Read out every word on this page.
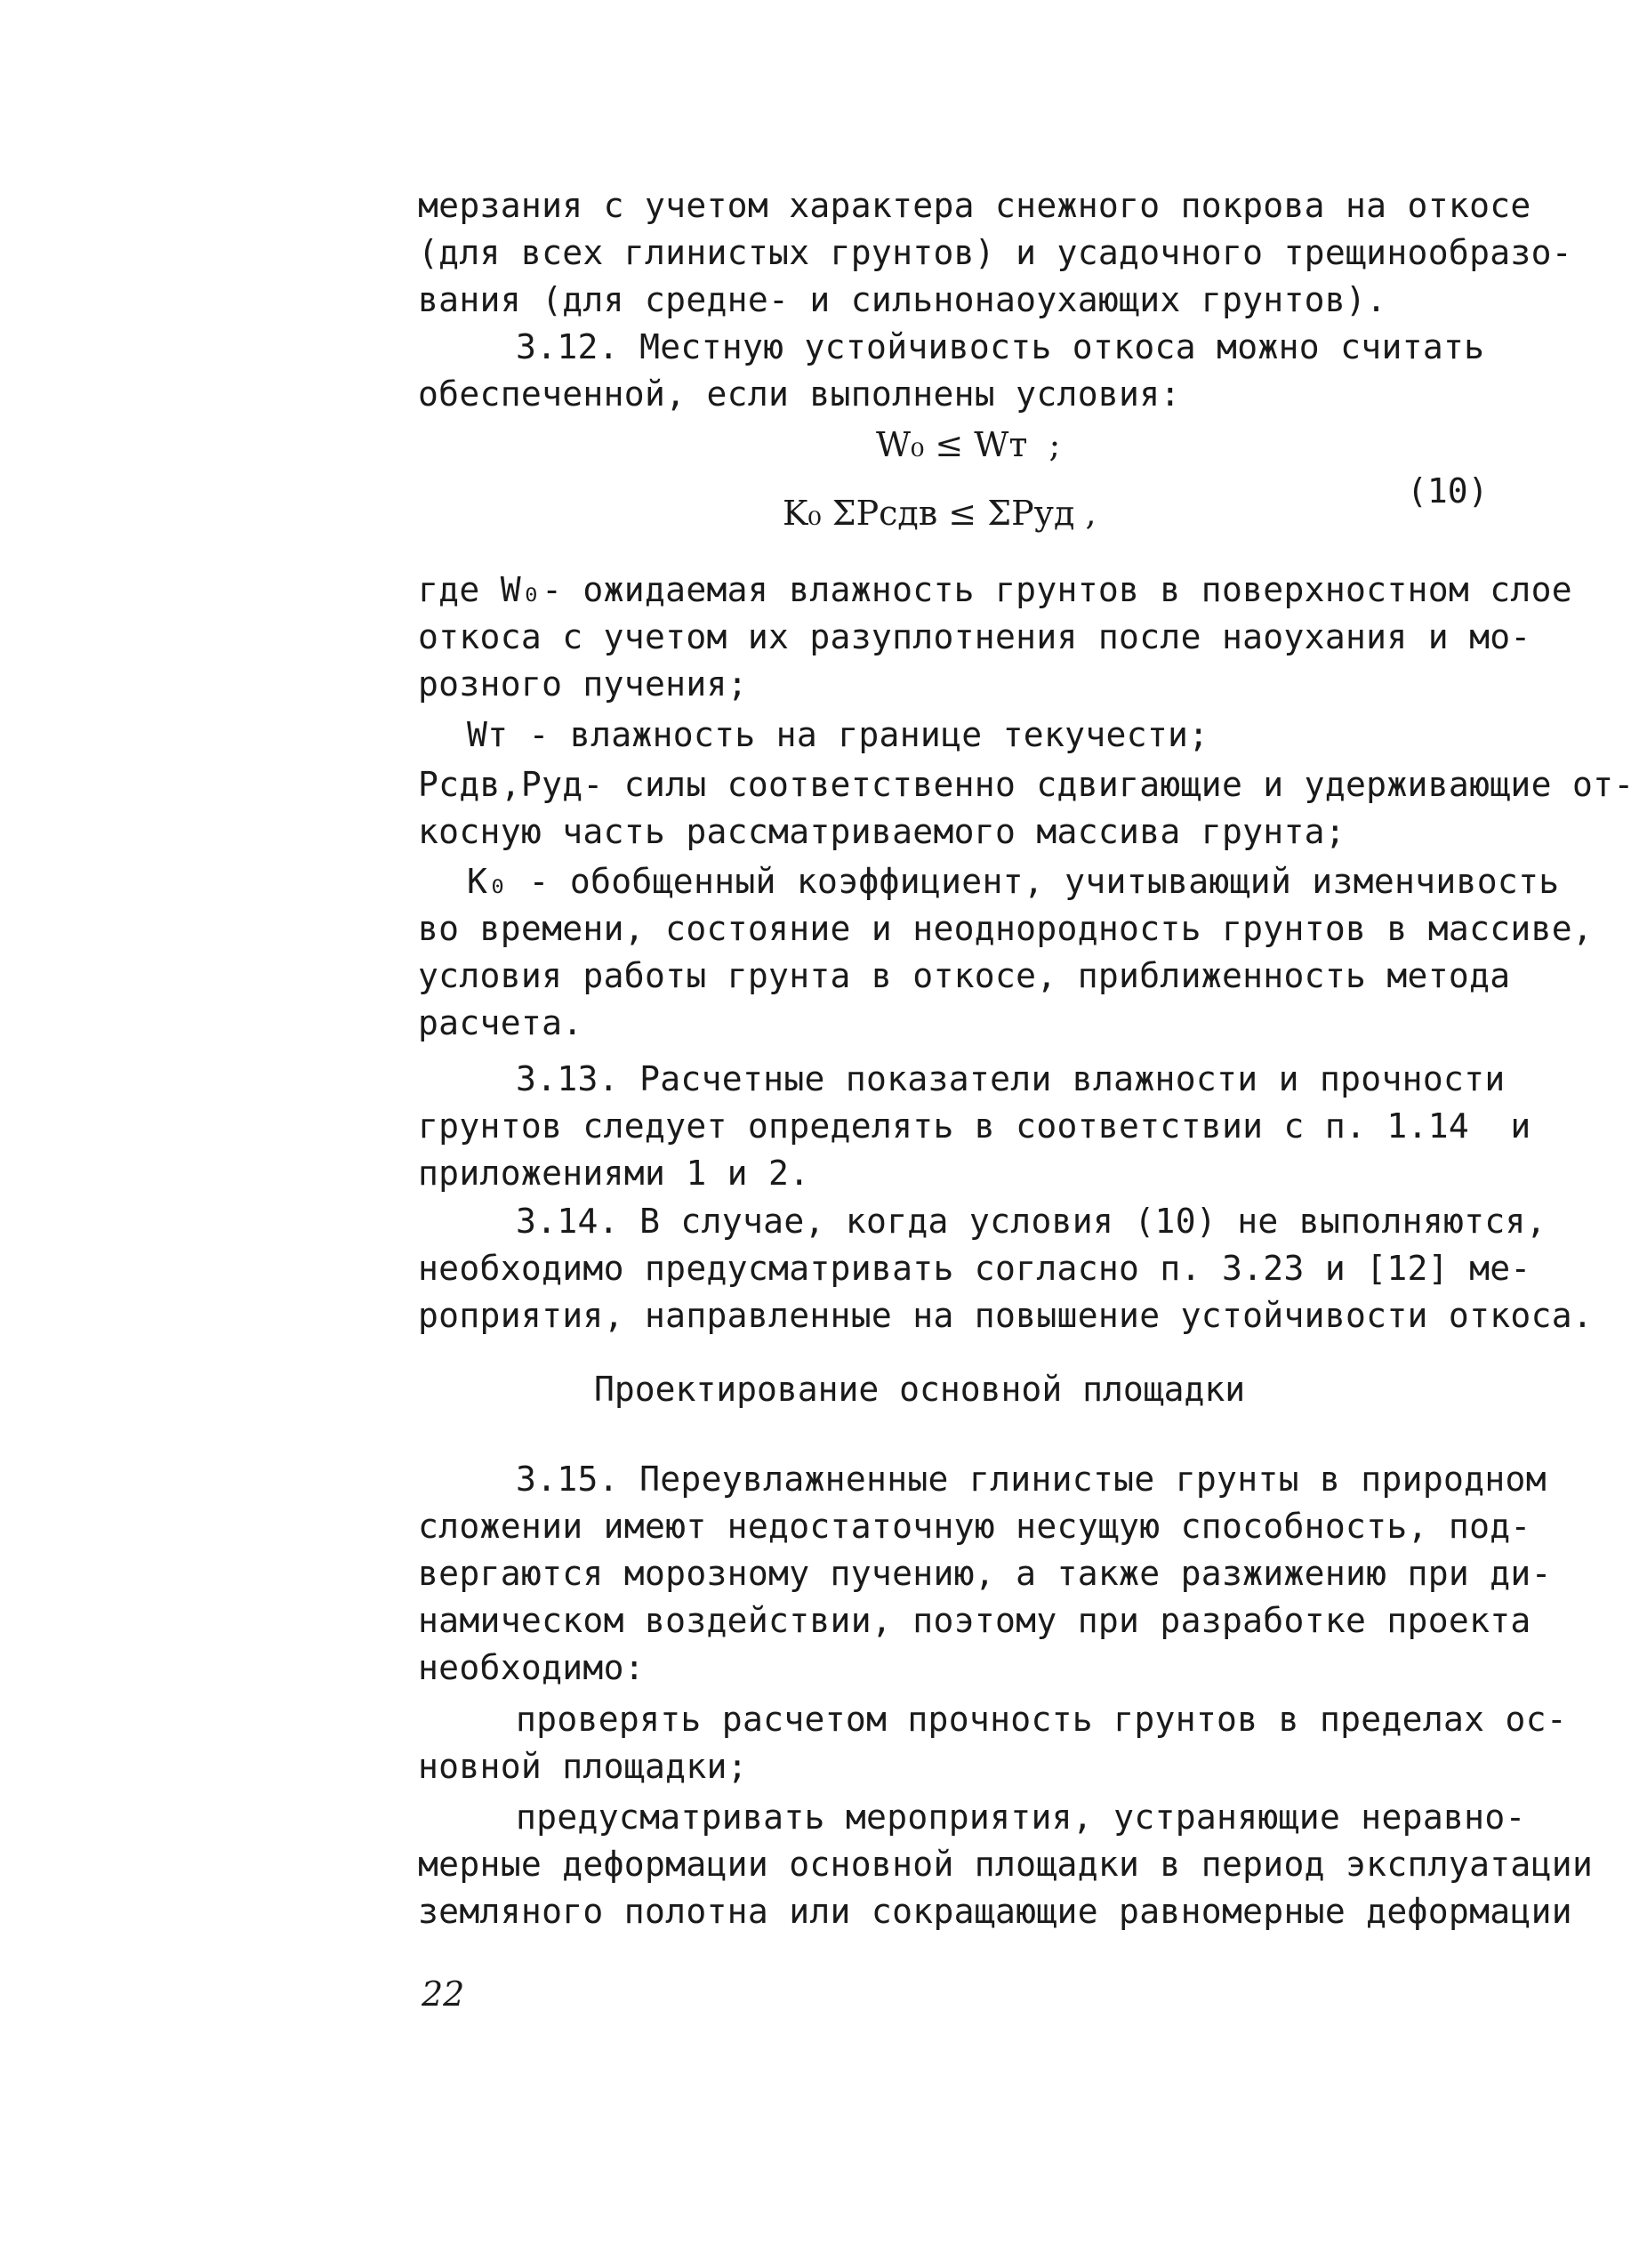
мерзания с учетом характера снежного покрова на откосе
(для всех глинистых грунтов) и усадочного трещинообразо-
вания (для средне- и сильнонаоухающих грунтов).
3.12. Местную устойчивость откоса можно считать
обеспеченной, если выполнены условия:
W₀ ≤ Wт  ;
K₀ ΣPсдв ≤ ΣPуд ,
(10)
где W₀- ожидаемая влажность грунтов в поверхностном слое
откоса с учетом их разуплотнения после наоухания и мо-
розного пучения;
Wт - влажность на границе текучести;
Pсдв,Pуд- силы соответственно сдвигающие и удерживающие от-
косную часть рассматриваемого массива грунта;
K₀ - обобщенный коэффициент, учитывающий изменчивость
во времени, состояние и неоднородность грунтов в массиве,
условия работы грунта в откосе, приближенность метода
расчета.
3.13. Расчетные показатели влажности и прочности
грунтов следует определять в соответствии с п. 1.14  и
приложениями 1 и 2.
3.14. В случае, когда условия (10) не выполняются,
необходимо предусматривать согласно п. 3.23 и [12] ме-
роприятия, направленные на повышение устойчивости откоса.
Проектирование основной площадки
3.15. Переувлажненные глинистые грунты в природном
сложении имеют недостаточную несущую способность, под-
вергаются морозному пучению, а также разжижению при ди-
намическом воздействии, поэтому при разработке проекта
необходимо:
проверять расчетом прочность грунтов в пределах ос-
новной площадки;
предусматривать мероприятия, устраняющие неравно-
мерные деформации основной площадки в период эксплуатации
земляного полотна или сокращающие равномерные деформации
22
